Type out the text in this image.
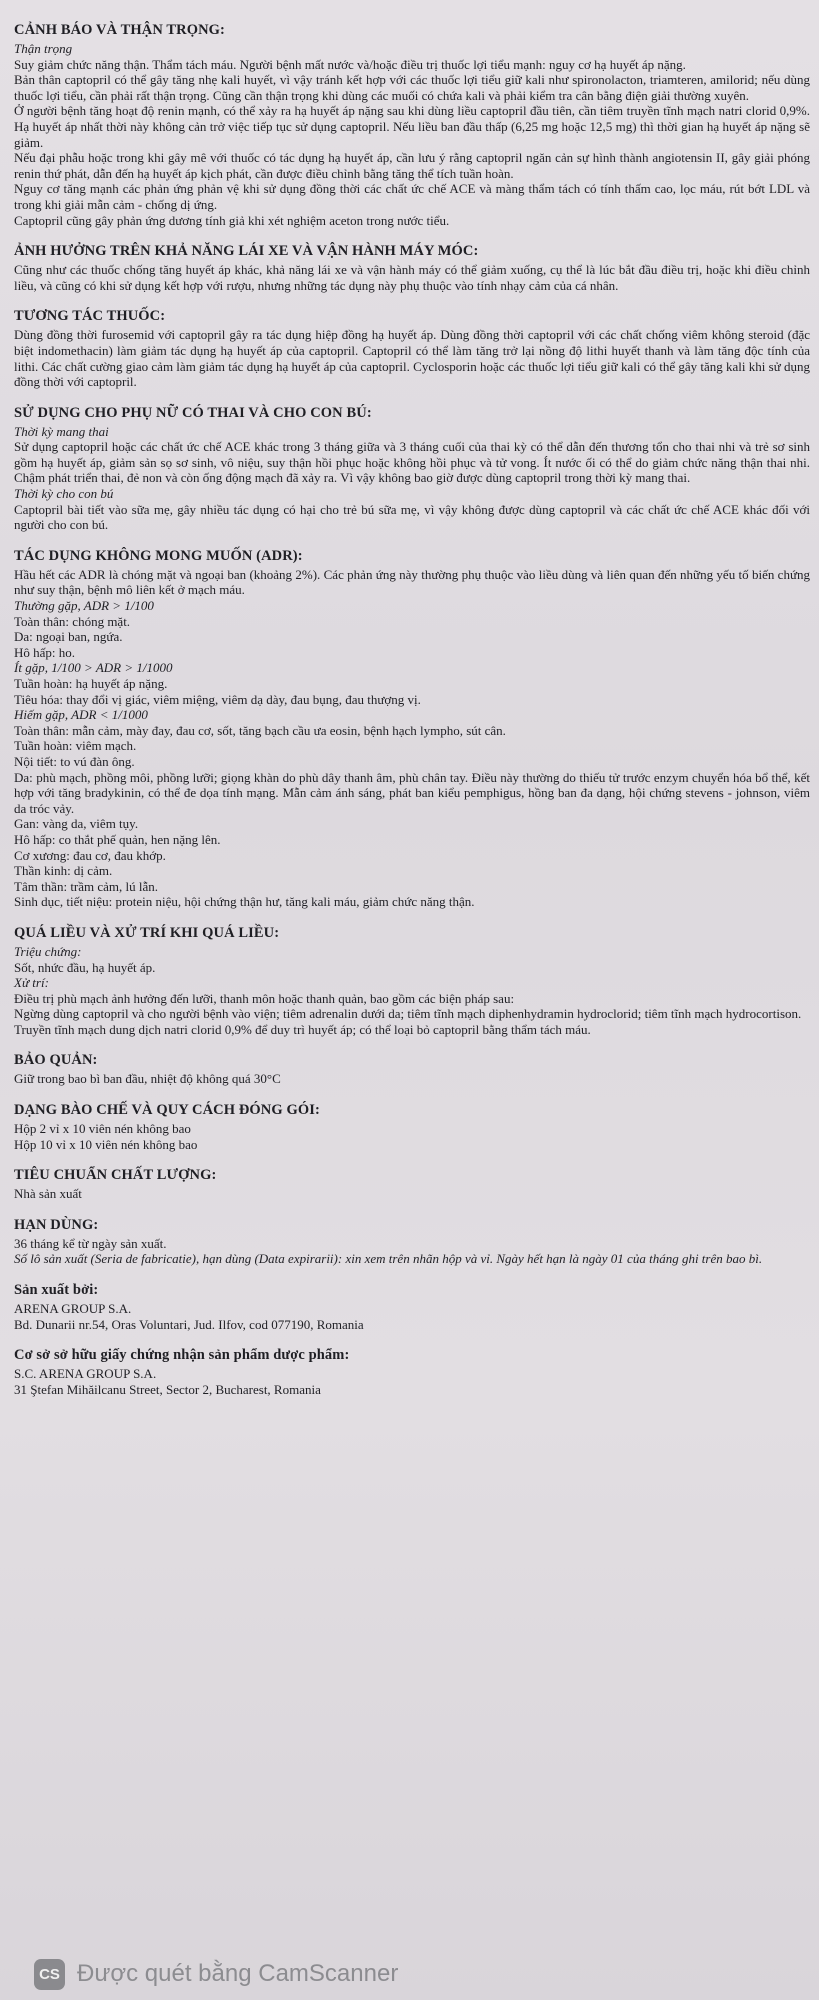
CẢNH BÁO VÀ THẬN TRỌNG:

Thận trọng

Suy giảm chức năng thận. Thẩm tách máu. Người bệnh mất nước và/hoặc điều trị thuốc lợi tiểu mạnh: nguy cơ hạ huyết áp nặng.

Bản thân captopril có thể gây tăng nhẹ kali huyết, vì vậy tránh kết hợp với các thuốc lợi tiểu giữ kali như spironolacton, triamteren, amilorid; nếu dùng thuốc lợi tiểu, cần phải rất thận trọng. Cũng cần thận trọng khi dùng các muối có chứa kali và phải kiểm tra cân bằng điện giải thường xuyên.

Ở người bệnh tăng hoạt độ renin mạnh, có thể xảy ra hạ huyết áp nặng sau khi dùng liều captopril đầu tiên, cần tiêm truyền tĩnh mạch natri clorid 0,9%. Hạ huyết áp nhất thời này không cản trở việc tiếp tục sử dụng captopril. Nếu liều ban đầu thấp (6,25 mg hoặc 12,5 mg) thì thời gian hạ huyết áp nặng sẽ giảm.

Nếu đại phẫu hoặc trong khi gây mê với thuốc có tác dụng hạ huyết áp, cần lưu ý rằng captopril ngăn cản sự hình thành angiotensin II, gây giải phóng renin thứ phát, dẫn đến hạ huyết áp kịch phát, cần được điều chỉnh bằng tăng thể tích tuần hoàn.

Nguy cơ tăng mạnh các phản ứng phản vệ khi sử dụng đồng thời các chất ức chế ACE và màng thẩm tách có tính thấm cao, lọc máu, rút bớt LDL và trong khi giải mẫn cảm - chống dị ứng.

Captopril cũng gây phản ứng dương tính giả khi xét nghiệm aceton trong nước tiểu.

ẢNH HƯỞNG TRÊN KHẢ NĂNG LÁI XE VÀ VẬN HÀNH MÁY MÓC:

Cũng như các thuốc chống tăng huyết áp khác, khả năng lái xe và vận hành máy có thể giảm xuống, cụ thể là lúc bắt đầu điều trị, hoặc khi điều chỉnh liều, và cũng có khi sử dụng kết hợp với rượu, nhưng những tác dụng này phụ thuộc vào tính nhạy cảm của cá nhân.

TƯƠNG TÁC THUỐC:

Dùng đồng thời furosemid với captopril gây ra tác dụng hiệp đồng hạ huyết áp. Dùng đồng thời captopril với các chất chống viêm không steroid (đặc biệt indomethacin) làm giảm tác dụng hạ huyết áp của captopril. Captopril có thể làm tăng trở lại nồng độ lithi huyết thanh và làm tăng độc tính của lithi. Các chất cường giao cảm làm giảm tác dụng hạ huyết áp của captopril. Cyclosporin hoặc các thuốc lợi tiểu giữ kali có thể gây tăng kali khi sử dụng đồng thời với captopril.

SỬ DỤNG CHO PHỤ NỮ CÓ THAI VÀ CHO CON BÚ:

Thời kỳ mang thai

Sử dụng captopril hoặc các chất ức chế ACE khác trong 3 tháng giữa và 3 tháng cuối của thai kỳ có thể dẫn đến thương tổn cho thai nhi và trẻ sơ sinh gồm hạ huyết áp, giảm sản sọ sơ sinh, vô niệu, suy thận hồi phục hoặc không hồi phục và tử vong. Ít nước ối có thể do giảm chức năng thận thai nhi. Chậm phát triển thai, đẻ non và còn ống động mạch đã xảy ra. Vì vậy không bao giờ được dùng captopril trong thời kỳ mang thai.

Thời kỳ cho con bú

Captopril bài tiết vào sữa mẹ, gây nhiều tác dụng có hại cho trẻ bú sữa mẹ, vì vậy không được dùng captopril và các chất ức chế ACE khác đối với người cho con bú.

TÁC DỤNG KHÔNG MONG MUỐN (ADR):

Hầu hết các ADR là chóng mặt và ngoại ban (khoảng 2%). Các phản ứng này thường phụ thuộc vào liều dùng và liên quan đến những yếu tố biến chứng như suy thận, bệnh mô liên kết ở mạch máu.

Thường gặp, ADR > 1/100

Toàn thân: chóng mặt.

Da: ngoại ban, ngứa.

Hô hấp: ho.

Ít gặp, 1/100 > ADR > 1/1000

Tuần hoàn: hạ huyết áp nặng.

Tiêu hóa: thay đổi vị giác, viêm miệng, viêm dạ dày, đau bụng, đau thượng vị.

Hiếm gặp, ADR < 1/1000

Toàn thân: mẫn cảm, mày đay, đau cơ, sốt, tăng bạch cầu ưa eosin, bệnh hạch lympho, sút cân.

Tuần hoàn: viêm mạch.

Nội tiết: to vú đàn ông.

Da: phù mạch, phồng môi, phồng lưỡi; giọng khàn do phù dây thanh âm, phù chân tay. Điều này thường do thiếu tử trước enzym chuyển hóa bổ thể, kết hợp với tăng bradykinin, có thể đe dọa tính mạng. Mẫn cảm ánh sáng, phát ban kiểu pemphigus, hồng ban đa dạng, hội chứng stevens - johnson, viêm da tróc vảy.

Gan: vàng da, viêm tụy.

Hô hấp: co thắt phế quản, hen nặng lên.

Cơ xương: đau cơ, đau khớp.

Thần kinh: dị cảm.

Tâm thần: trầm cảm, lú lẫn.

Sinh dục, tiết niệu: protein niệu, hội chứng thận hư, tăng kali máu, giảm chức năng thận.

QUÁ LIỀU VÀ XỬ TRÍ KHI QUÁ LIỀU:

Triệu chứng:

Sốt, nhức đầu, hạ huyết áp.

Xử trí:

Điều trị phù mạch ảnh hưởng đến lưỡi, thanh môn hoặc thanh quản, bao gồm các biện pháp sau:

Ngừng dùng captopril và cho người bệnh vào viện; tiêm adrenalin dưới da; tiêm tĩnh mạch diphenhydramin hydroclorid; tiêm tĩnh mạch hydrocortison.

Truyền tĩnh mạch dung dịch natri clorid 0,9% để duy trì huyết áp; có thể loại bỏ captopril bằng thẩm tách máu.

BẢO QUẢN:

Giữ trong bao bì ban đầu, nhiệt độ không quá 30°C

DẠNG BÀO CHẾ VÀ QUY CÁCH ĐÓNG GÓI:

Hộp 2 vỉ x 10 viên nén không bao

Hộp 10 vỉ x 10 viên nén không bao

TIÊU CHUẨN CHẤT LƯỢNG:

Nhà sản xuất

HẠN DÙNG:

36 tháng kể từ ngày sản xuất.

Số lô sản xuất (Seria de fabricatie), hạn dùng (Data expirarii): xin xem trên nhãn hộp và vỉ. Ngày hết hạn là ngày 01 của tháng ghi trên bao bì.

Sản xuất bởi:

ARENA GROUP S.A.

Bd. Dunarii nr.54, Oras Voluntari, Jud. Ilfov, cod 077190, Romania

Cơ sở sở hữu giấy chứng nhận sản phẩm dược phẩm:

S.C. ARENA GROUP S.A.

31 Ştefan Mihăilcanu Street, Sector 2, Bucharest, Romania

CS Được quét bằng CamScanner
